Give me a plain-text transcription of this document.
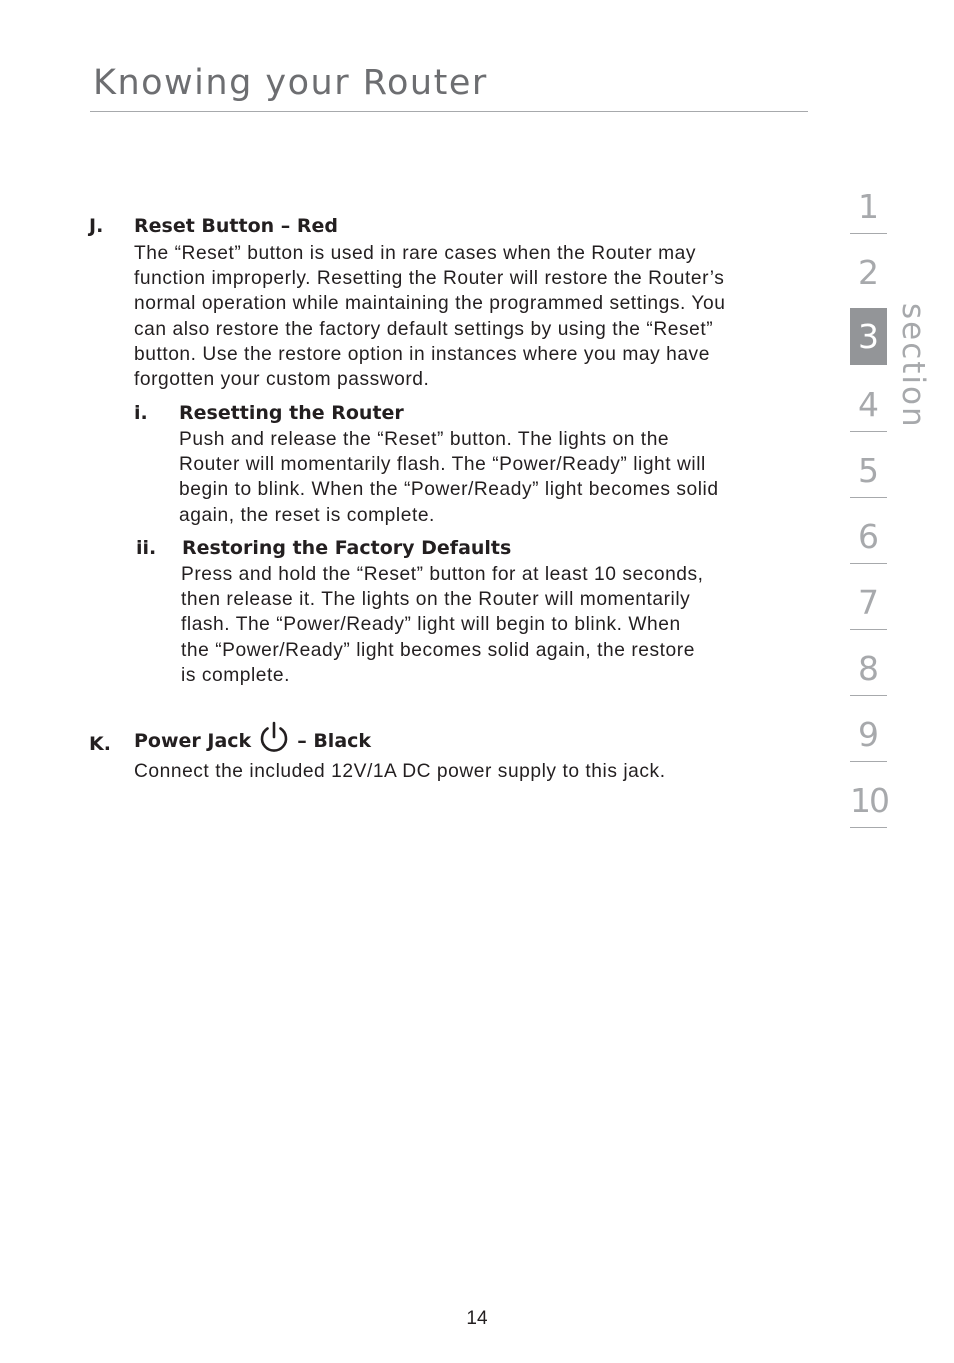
Knowing your Router
J. Reset Button – Red

The “Reset” button is used in rare cases when the Router may
function improperly. Resetting the Router will restore the Router’s
normal operation while maintaining the programmed settings. You
can also restore the factory default settings by using the “Reset”
button. Use the restore option in instances where you may have
forgotten your custom password.

i. Resetting the Router

Push and release the “Reset” button. The lights on the
Router will momentarily flash. The “Power/Ready” light will
begin to blink. When the “Power/Ready” light becomes solid
again, the reset is complete.

ii. Restoring the Factory Defaults

Press and hold the “Reset” button for at least 10 seconds,
then release it. The lights on the Router will momentarily
flash. The “Power/Ready” light will begin to blink. When
the “Power/Ready” light becomes solid again, the restore
is complete.

K. Power Jack – Black

Connect the included 12V/1A DC power supply to this jack.

1
2
3
4
5
6
7
8
9
10
section
14
